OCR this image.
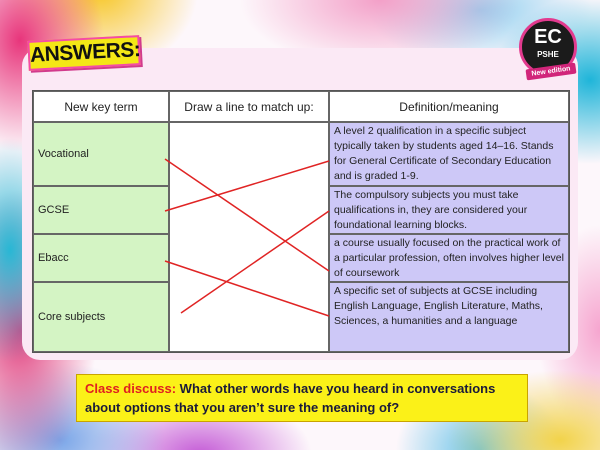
ANSWERS:
EC
PSHE
New edition
New key term	Draw a line to match up:	Definition/meaning
Vocational
GCSE
Ebacc
Core subjects
A level 2 qualification in a specific subject typically taken by students aged 14–16. Stands for General Certificate of Secondary Education and is graded 1-9.
The compulsory subjects you must take qualifications in, they are considered your foundational learning blocks.
a course usually focused on the practical work of a particular profession, often involves higher level of coursework
A specific set of subjects at GCSE including English Language, English Literature, Maths, Sciences, a humanities and a language
Class discuss: What other words have you heard in conversations about options that you aren’t sure the meaning of?
